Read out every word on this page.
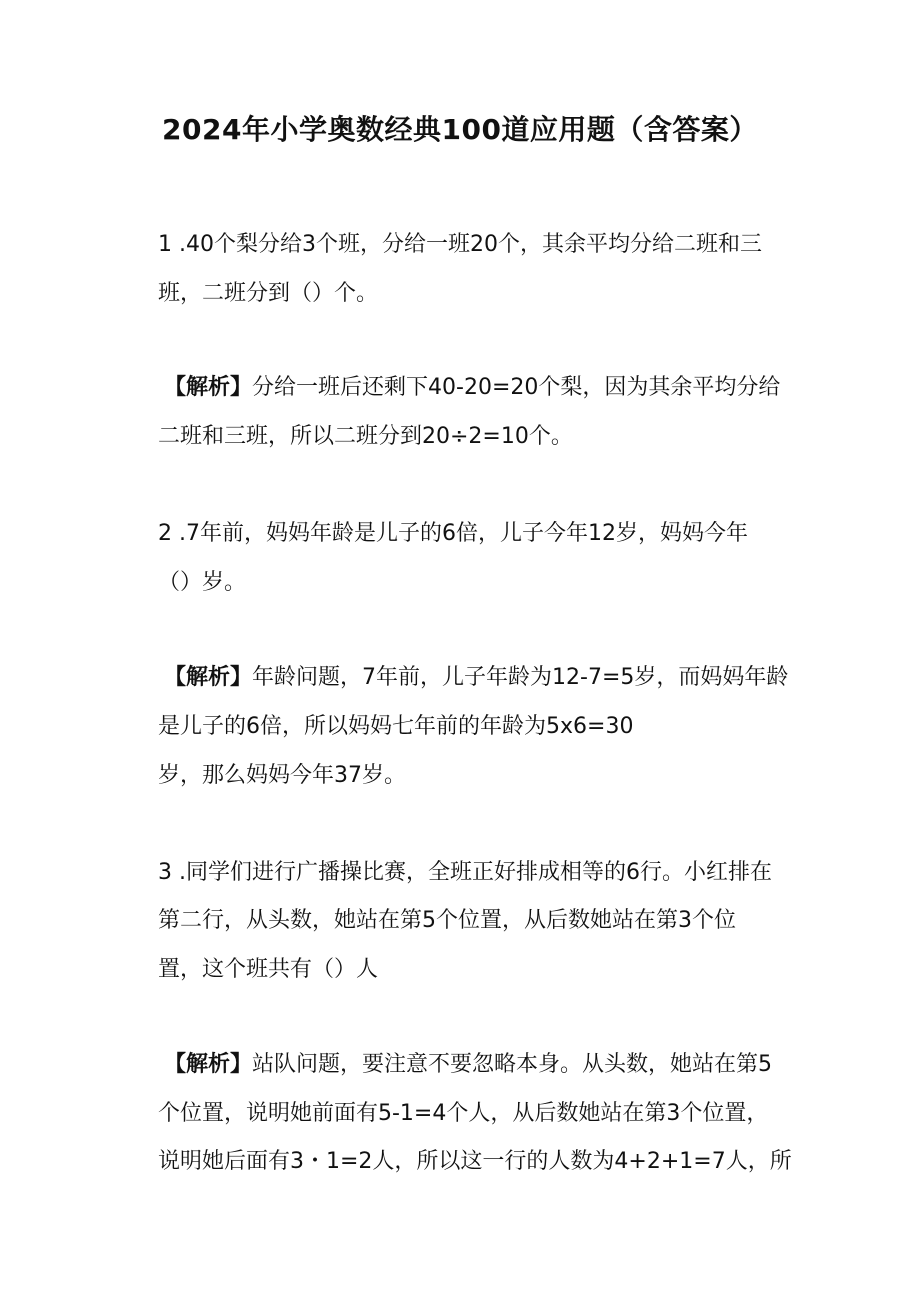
2024年小学奥数经典100道应用题（含答案）
1 .40个梨分给3个班，分给一班20个，其余平均分给二班和三
班，二班分到（）个。
【解析】分给一班后还剩下40-20=20个梨，因为其余平均分给
二班和三班，所以二班分到20÷2=10个。
2 .7年前，妈妈年龄是儿子的6倍，儿子今年12岁，妈妈今年
（）岁。
【解析】年龄问题，7年前，儿子年龄为12-7=5岁，而妈妈年龄
是儿子的6倍，所以妈妈七年前的年龄为5x6=30
岁，那么妈妈今年37岁。
3 .同学们进行广播操比赛，全班正好排成相等的6行。小红排在
第二行，从头数，她站在第5个位置，从后数她站在第3个位
置，这个班共有（）人
【解析】站队问题，要注意不要忽略本身。从头数，她站在第5
个位置，说明她前面有5-1=4个人，从后数她站在第3个位置，
说明她后面有3・1=2人，所以这一行的人数为4+2+1=7人，所
